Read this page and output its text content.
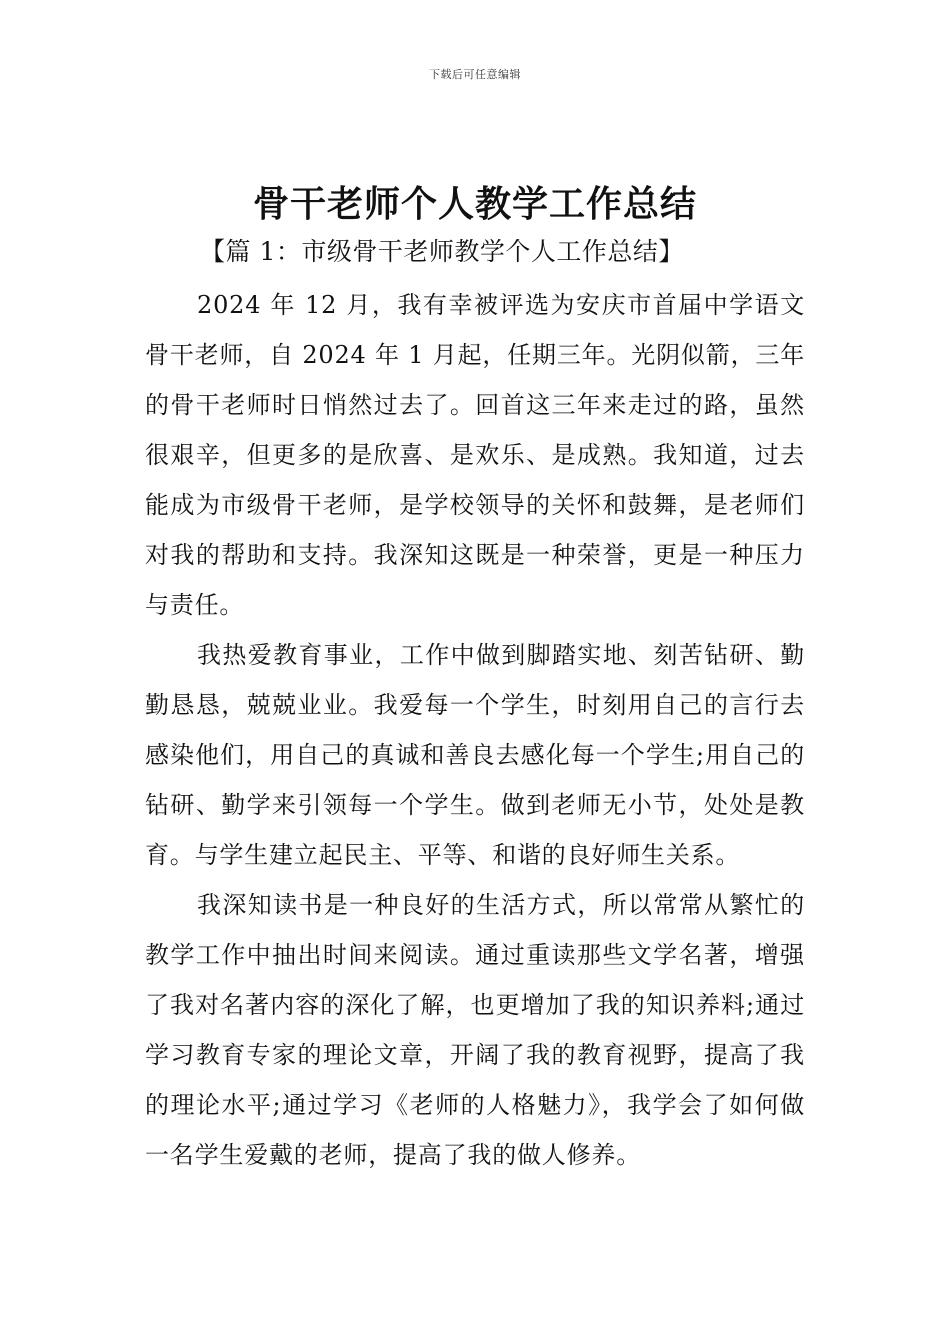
下载后可任意编辑
骨干老师个人教学工作总结
【篇 1：市级骨干老师教学个人工作总结】

2024 年 12 月，我有幸被评选为安庆市首届中学语文骨干老师，自 2024 年 1 月起，任期三年。光阴似箭，三年的骨干老师时日悄然过去了。回首这三年来走过的路，虽然很艰辛，但更多的是欣喜、是欢乐、是成熟。我知道，过去能成为市级骨干老师，是学校领导的关怀和鼓舞，是老师们对我的帮助和支持。我深知这既是一种荣誉，更是一种压力与责任。

我热爱教育事业，工作中做到脚踏实地、刻苦钻研、勤勤恳恳，兢兢业业。我爱每一个学生，时刻用自己的言行去感染他们，用自己的真诚和善良去感化每一个学生;用自己的钻研、勤学来引领每一个学生。做到老师无小节，处处是教育。与学生建立起民主、平等、和谐的良好师生关系。

我深知读书是一种良好的生活方式，所以常常从繁忙的教学工作中抽出时间来阅读。通过重读那些文学名著，增强了我对名著内容的深化了解，也更增加了我的知识养料;通过学习教育专家的理论文章，开阔了我的教育视野，提高了我的理论水平;通过学习《老师的人格魅力》，我学会了如何做一名学生爱戴的老师，提高了我的做人修养。
